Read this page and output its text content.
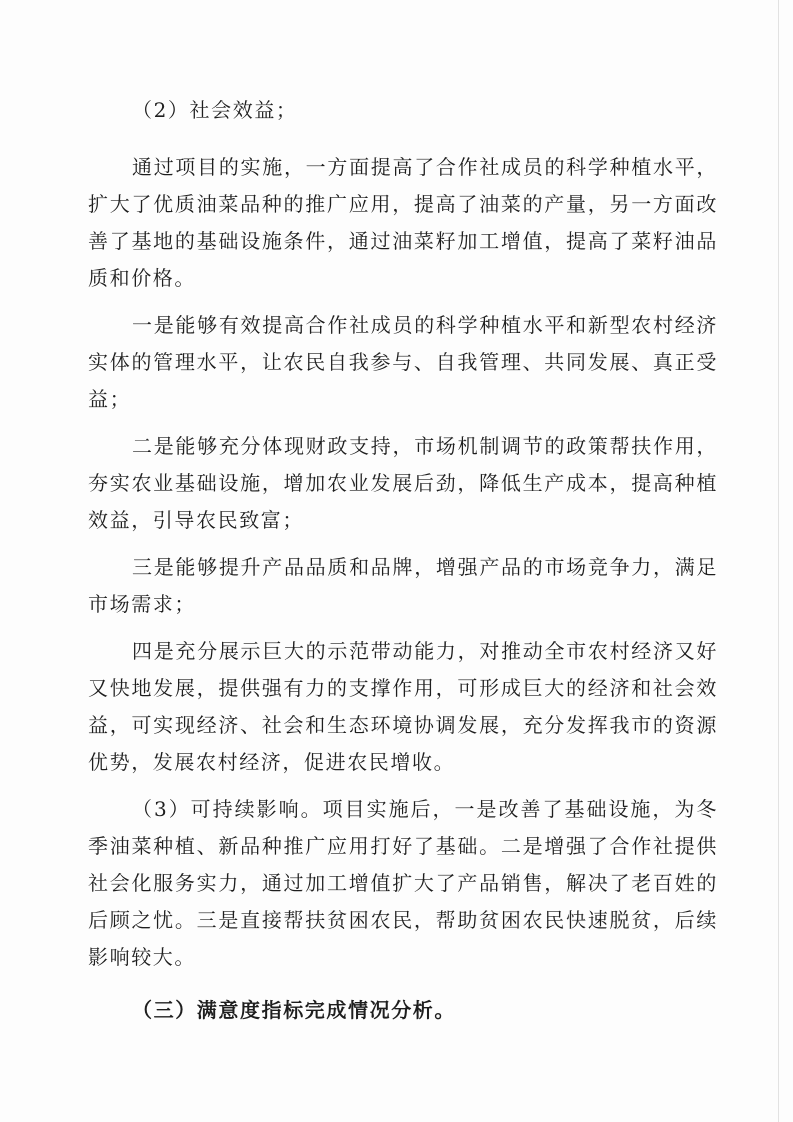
（2）社会效益；

通过项目的实施，一方面提高了合作社成员的科学种植水平，扩大了优质油菜品种的推广应用，提高了油菜的产量，另一方面改善了基地的基础设施条件，通过油菜籽加工增值，提高了菜籽油品质和价格。

一是能够有效提高合作社成员的科学种植水平和新型农村经济实体的管理水平，让农民自我参与、自我管理、共同发展、真正受益；

二是能够充分体现财政支持，市场机制调节的政策帮扶作用，夯实农业基础设施，增加农业发展后劲，降低生产成本，提高种植效益，引导农民致富；

三是能够提升产品品质和品牌，增强产品的市场竞争力，满足市场需求；

四是充分展示巨大的示范带动能力，对推动全市农村经济又好又快地发展，提供强有力的支撑作用，可形成巨大的经济和社会效益，可实现经济、社会和生态环境协调发展，充分发挥我市的资源优势，发展农村经济，促进农民增收。

（3）可持续影响。项目实施后，一是改善了基础设施，为冬季油菜种植、新品种推广应用打好了基础。二是增强了合作社提供社会化服务实力，通过加工增值扩大了产品销售，解决了老百姓的后顾之忧。三是直接帮扶贫困农民，帮助贫困农民快速脱贫，后续影响较大。

（三）满意度指标完成情况分析。
